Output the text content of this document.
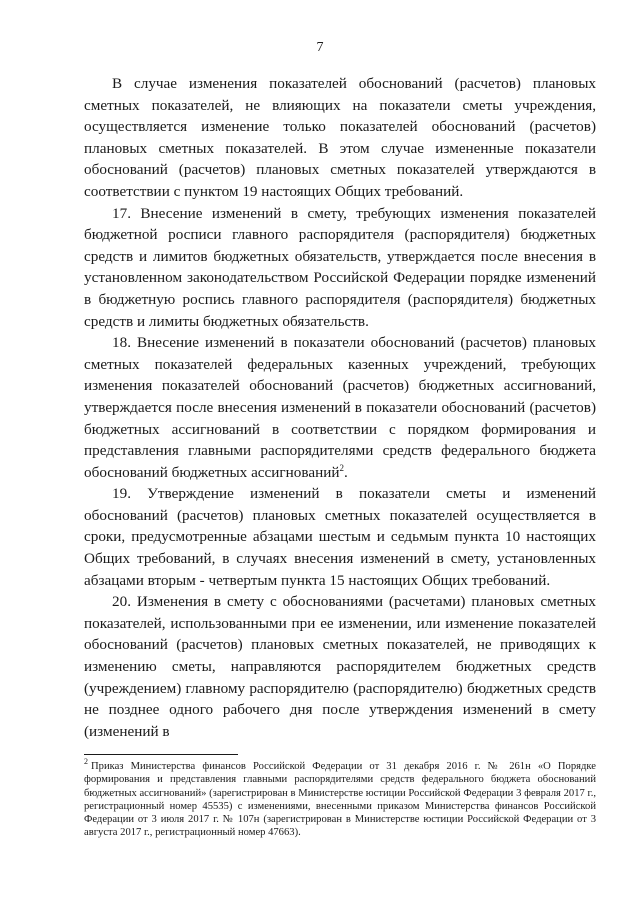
7

В случае изменения показателей обоснований (расчетов) плановых сметных показателей, не влияющих на показатели сметы учреждения, осуществляется изменение только показателей обоснований (расчетов) плановых сметных показателей. В этом случае измененные показатели обоснований (расчетов) плановых сметных показателей утверждаются в соответствии с пунктом 19 настоящих Общих требований.

17. Внесение изменений в смету, требующих изменения показателей бюджетной росписи главного распорядителя (распорядителя) бюджетных средств и лимитов бюджетных обязательств, утверждается после внесения в установленном законодательством Российской Федерации порядке изменений в бюджетную роспись главного распорядителя (распорядителя) бюджетных средств и лимиты бюджетных обязательств.

18. Внесение изменений в показатели обоснований (расчетов) плановых сметных показателей федеральных казенных учреждений, требующих изменения показателей обоснований (расчетов) бюджетных ассигнований, утверждается после внесения изменений в показатели обоснований (расчетов) бюджетных ассигнований в соответствии с порядком формирования и представления главными распорядителями средств федерального бюджета обоснований бюджетных ассигнований$^2$.

19. Утверждение изменений в показатели сметы и изменений обоснований (расчетов) плановых сметных показателей осуществляется в сроки, предусмотренные абзацами шестым и седьмым пункта 10 настоящих Общих требований, в случаях внесения изменений в смету, установленных абзацами вторым - четвертым пункта 15 настоящих Общих требований.

20. Изменения в смету с обоснованиями (расчетами) плановых сметных показателей, использованными при ее изменении, или изменение показателей обоснований (расчетов) плановых сметных показателей, не приводящих к изменению сметы, направляются распорядителем бюджетных средств (учреждением) главному распорядителю (распорядителю) бюджетных средств не позднее одного рабочего дня после утверждения изменений в смету (изменений в

$^2$ Приказ Министерства финансов Российской Федерации от 31 декабря 2016 г. № 261н «О Порядке формирования и представления главными распорядителями средств федерального бюджета обоснований бюджетных ассигнований» (зарегистрирован в Министерстве юстиции Российской Федерации 3 февраля 2017 г., регистрационный номер 45535) с изменениями, внесенными приказом Министерства финансов Российской Федерации от 3 июля 2017 г. № 107н (зарегистрирован в Министерстве юстиции Российской Федерации от 3 августа 2017 г., регистрационный номер 47663).
